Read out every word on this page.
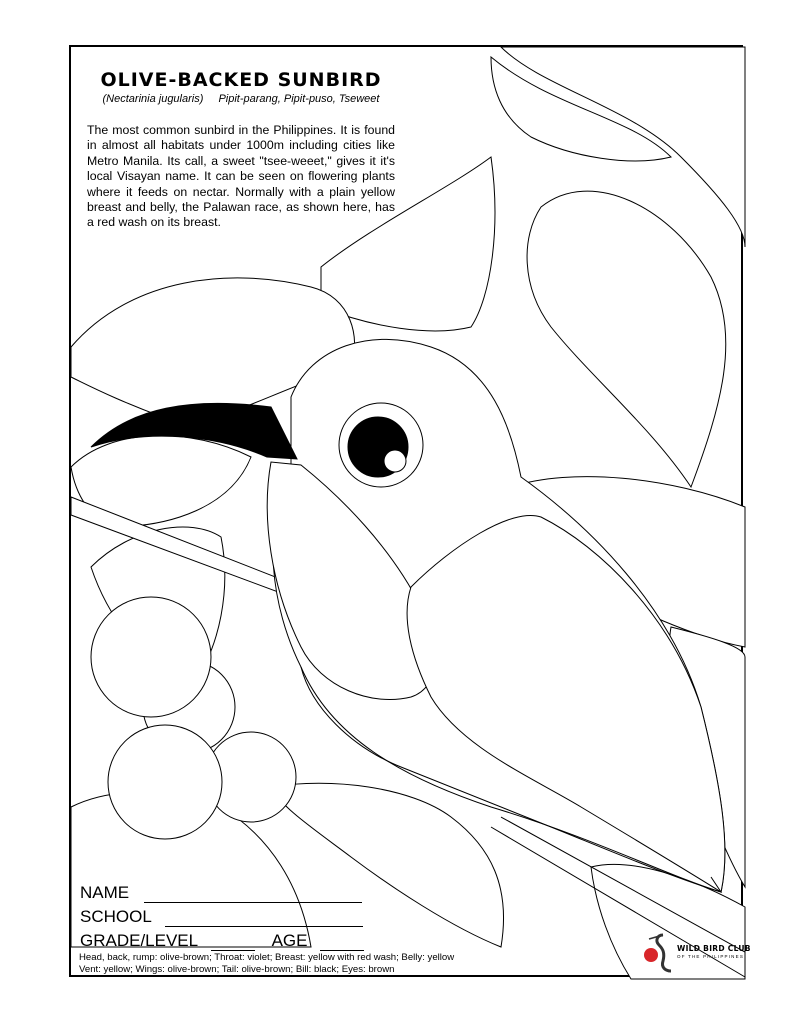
OLIVE-BACKED SUNBIRD
(Nectarinia jugularis) Pipit-parang, Pipit-puso, Tseweet

The most common sunbird in the Philippines. It is found in almost all habitats under 1000m including cities like Metro Manila. Its call, a sweet "tsee-weeet," gives it it's local Visayan name. It can be seen on flowering plants where it feeds on nectar. Normally with a plain yellow breast and belly, the Palawan race, as shown here, has a red wash on its breast.

NAME
SCHOOL
GRADE/LEVEL	AGE
Head, back, rump: olive-brown; Throat: violet; Breast: yellow with red wash; Belly: yellow
Vent: yellow; Wings: olive-brown; Tail: olive-brown; Bill: black; Eyes: brown
WILD BIRD CLUB
OF THE PHILIPPINES
